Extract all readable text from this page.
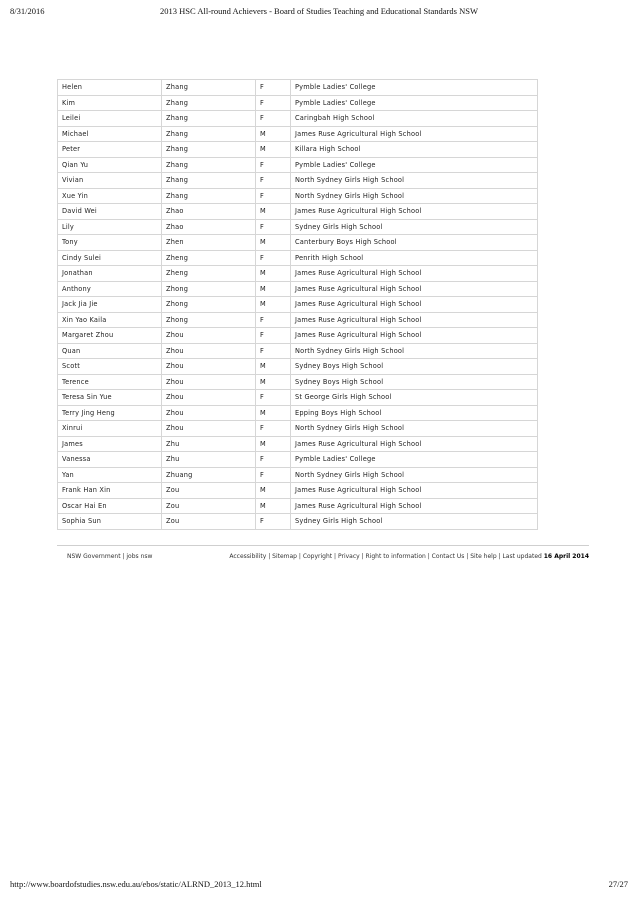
8/31/2016	2013 HSC All-round Achievers - Board of Studies Teaching and Educational Standards NSW
Helen	Zhang	F	Pymble Ladies' College
Kim	Zhang	F	Pymble Ladies' College
Leilei	Zhang	F	Caringbah High School
Michael	Zhang	M	James Ruse Agricultural High School
Peter	Zhang	M	Killara High School
Qian Yu	Zhang	F	Pymble Ladies' College
Vivian	Zhang	F	North Sydney Girls High School
Xue Yin	Zhang	F	North Sydney Girls High School
David Wei	Zhao	M	James Ruse Agricultural High School
Lily	Zhao	F	Sydney Girls High School
Tony	Zhen	M	Canterbury Boys High School
Cindy Sulei	Zheng	F	Penrith High School
Jonathan	Zheng	M	James Ruse Agricultural High School
Anthony	Zhong	M	James Ruse Agricultural High School
Jack Jia Jie	Zhong	M	James Ruse Agricultural High School
Xin Yao Kaila	Zhong	F	James Ruse Agricultural High School
Margaret Zhou	Zhou	F	James Ruse Agricultural High School
Quan	Zhou	F	North Sydney Girls High School
Scott	Zhou	M	Sydney Boys High School
Terence	Zhou	M	Sydney Boys High School
Teresa Sin Yue	Zhou	F	St George Girls High School
Terry Jing Heng	Zhou	M	Epping Boys High School
Xinrui	Zhou	F	North Sydney Girls High School
James	Zhu	M	James Ruse Agricultural High School
Vanessa	Zhu	F	Pymble Ladies' College
Yan	Zhuang	F	North Sydney Girls High School
Frank Han Xin	Zou	M	James Ruse Agricultural High School
Oscar Hai En	Zou	M	James Ruse Agricultural High School
Sophia Sun	Zou	F	Sydney Girls High School
NSW Government | jobs nsw	Accessibility | Sitemap | Copyright | Privacy | Right to information | Contact Us | Site help | Last updated 16 April 2014
http://www.boardofstudies.nsw.edu.au/ebos/static/ALRND_2013_12.html	27/27
